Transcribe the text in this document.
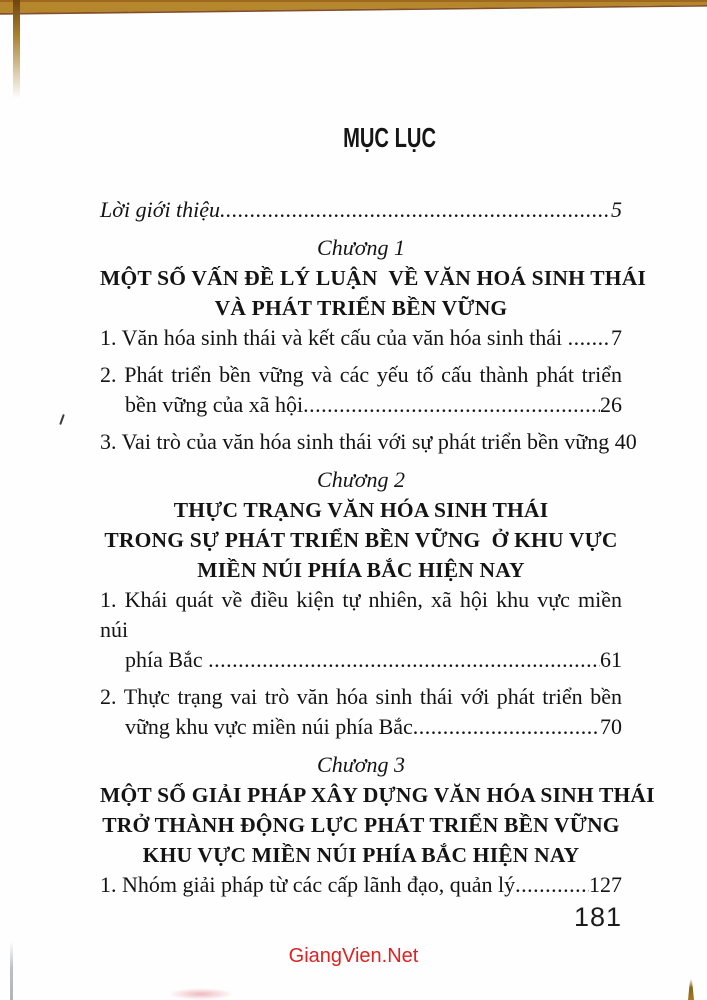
MỤC LỤC
Lời giới thiệu .....	5
Chương 1
MỘT SỐ VẤN ĐỀ LÝ LUẬN  VỀ VĂN HOÁ SINH THÁI
VÀ PHÁT TRIỂN BỀN VỮNG
1. Văn hóa sinh thái và kết cấu của văn hóa sinh thái ..... 7
2. Phát triển bền vững và các yếu tố cấu thành phát triển
bền vững của xã hội .....	26
3. Vai trò của văn hóa sinh thái với sự phát triển bền vững 40
Chương 2
THỰC TRẠNG VĂN HÓA SINH THÁI
TRONG SỰ PHÁT TRIỂN BỀN VỮNG  Ở KHU VỰC
MIỀN NÚI PHÍA BẮC HIỆN NAY
1. Khái quát về điều kiện tự nhiên, xã hội khu vực miền núi
phía Bắc .....	61
2. Thực trạng vai trò văn hóa sinh thái với phát triển bền
vững khu vực miền núi phía Bắc .....	70
Chương 3
MỘT SỐ GIẢI PHÁP XÂY DỰNG VĂN HÓA SINH THÁI
TRỞ THÀNH ĐỘNG LỰC PHÁT TRIỂN BỀN VỮNG
KHU VỰC MIỀN NÚI PHÍA BẮC HIỆN NAY
1. Nhóm giải pháp từ các cấp lãnh đạo, quản lý .....	127
181
GiangVien.Net
